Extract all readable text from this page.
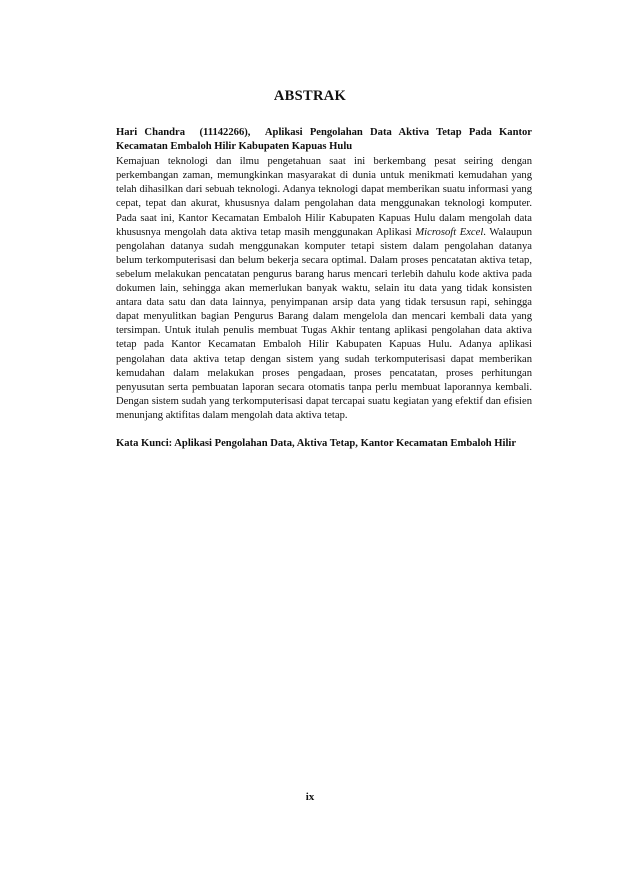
ABSTRAK

Hari Chandra (11142266), Aplikasi Pengolahan Data Aktiva Tetap Pada Kantor Kecamatan Embaloh Hilir Kabupaten Kapuas Hulu

Kemajuan teknologi dan ilmu pengetahuan saat ini berkembang pesat seiring dengan perkembangan zaman, memungkinkan masyarakat di dunia untuk menikmati kemudahan yang telah dihasilkan dari sebuah teknologi. Adanya teknologi dapat memberikan suatu informasi yang cepat, tepat dan akurat, khususnya dalam pengolahan data menggunakan teknologi komputer. Pada saat ini, Kantor Kecamatan Embaloh Hilir Kabupaten Kapuas Hulu dalam mengolah data khususnya mengolah data aktiva tetap masih menggunakan Aplikasi Microsoft Excel. Walaupun pengolahan datanya sudah menggunakan komputer tetapi sistem dalam pengolahan datanya belum terkomputerisasi dan belum bekerja secara optimal. Dalam proses pencatatan aktiva tetap, sebelum melakukan pencatatan pengurus barang harus mencari terlebih dahulu kode aktiva pada dokumen lain, sehingga akan memerlukan banyak waktu, selain itu data yang tidak konsisten antara data satu dan data lainnya, penyimpanan arsip data yang tidak tersusun rapi, sehingga dapat menyulitkan bagian Pengurus Barang dalam mengelola dan mencari kembali data yang tersimpan. Untuk itulah penulis membuat Tugas Akhir tentang aplikasi pengolahan data aktiva tetap pada Kantor Kecamatan Embaloh Hilir Kabupaten Kapuas Hulu. Adanya aplikasi pengolahan data aktiva tetap dengan sistem yang sudah terkomputerisasi dapat memberikan kemudahan dalam melakukan proses pengadaan, proses pencatatan, proses perhitungan penyusutan serta pembuatan laporan secara otomatis tanpa perlu membuat laporannya kembali. Dengan sistem sudah yang terkomputerisasi dapat tercapai suatu kegiatan yang efektif dan efisien menunjang aktifitas dalam mengolah data aktiva tetap.

Kata Kunci: Aplikasi Pengolahan Data, Aktiva Tetap, Kantor Kecamatan Embaloh Hilir

ix
